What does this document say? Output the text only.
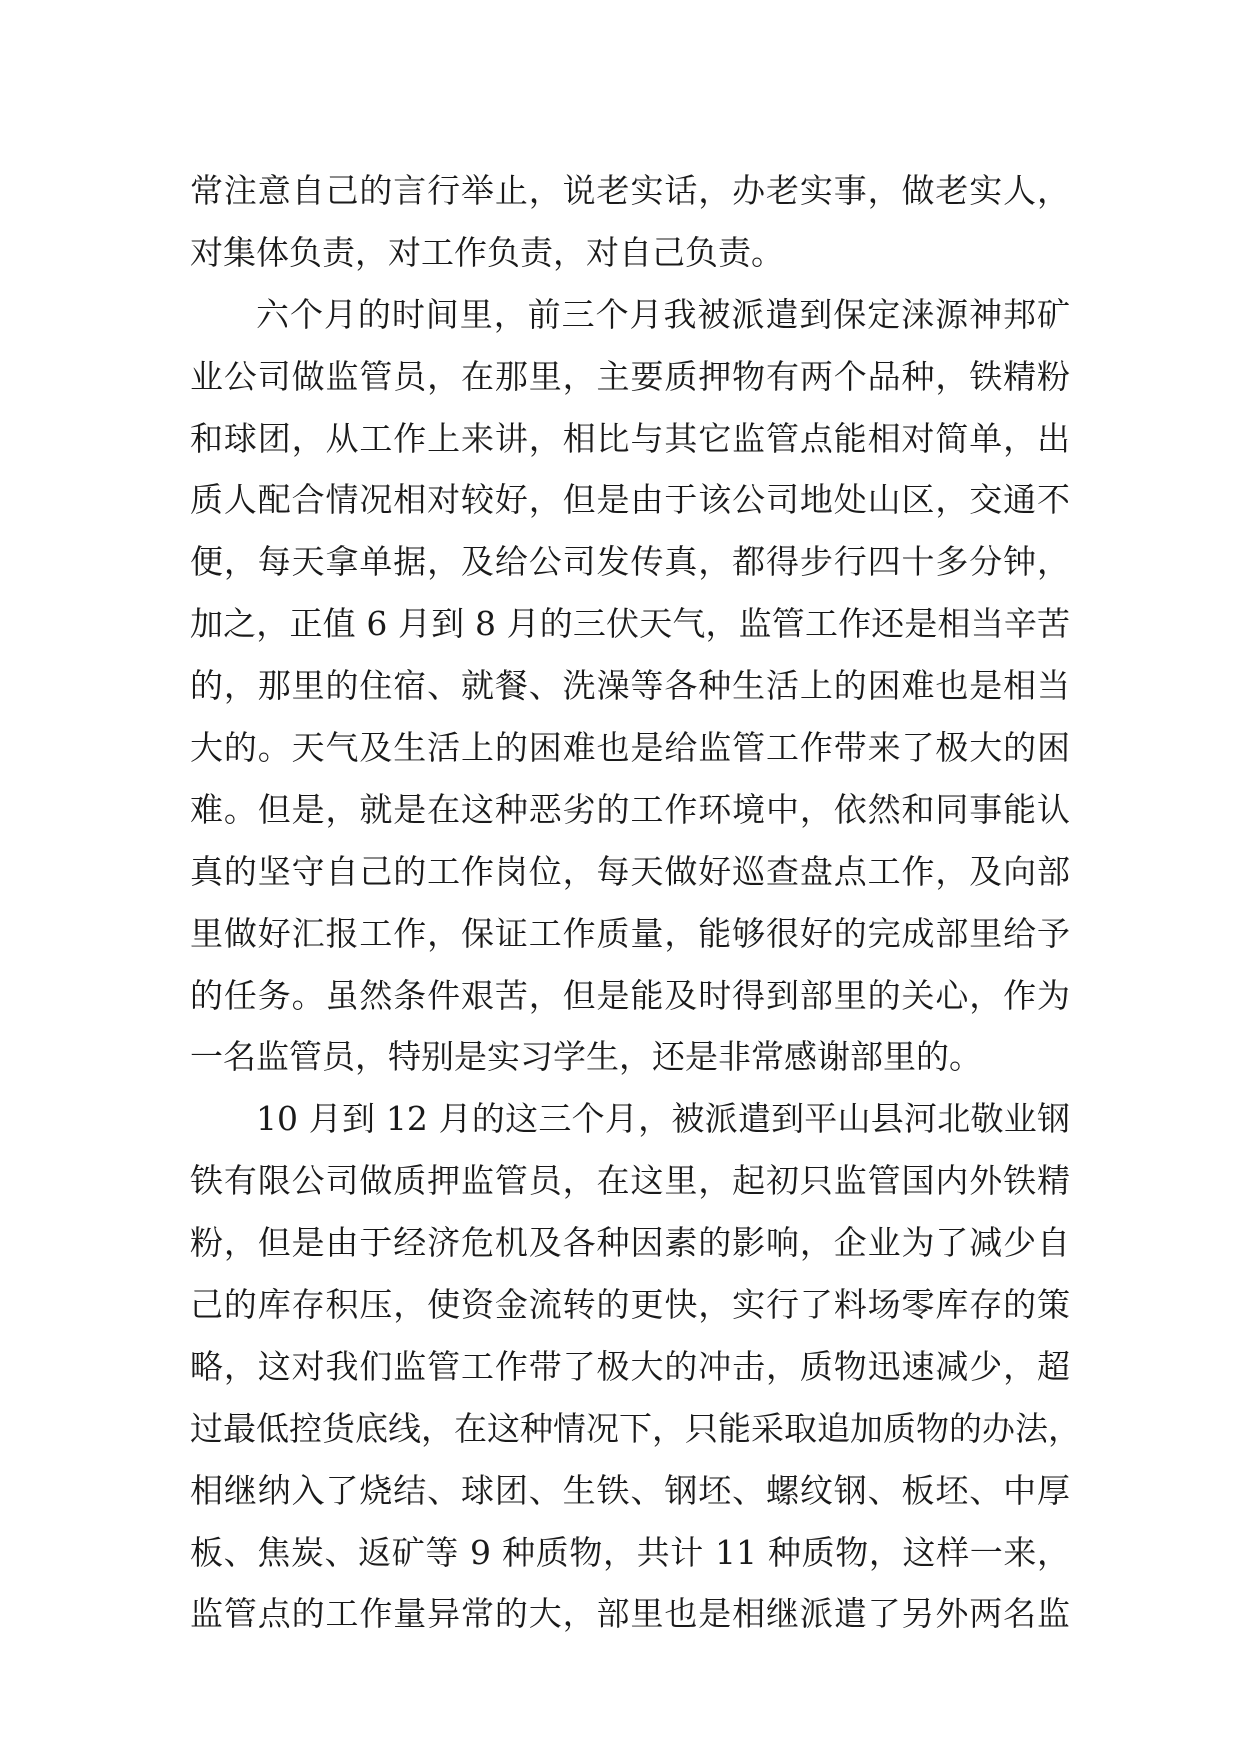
常注意自己的言行举止，说老实话，办老实事，做老实人，
对集体负责，对工作负责，对自己负责。
六个月的时间里，前三个月我被派遣到保定涞源神邦矿
业公司做监管员，在那里，主要质押物有两个品种，铁精粉
和球团，从工作上来讲，相比与其它监管点能相对简单，出
质人配合情况相对较好，但是由于该公司地处山区，交通不
便，每天拿单据，及给公司发传真，都得步行四十多分钟，
加之，正值 6 月到 8 月的三伏天气，监管工作还是相当辛苦
的，那里的住宿、就餐、洗澡等各种生活上的困难也是相当
大的。天气及生活上的困难也是给监管工作带来了极大的困
难。但是，就是在这种恶劣的工作环境中，依然和同事能认
真的坚守自己的工作岗位，每天做好巡查盘点工作，及向部
里做好汇报工作，保证工作质量，能够很好的完成部里给予
的任务。虽然条件艰苦，但是能及时得到部里的关心，作为
一名监管员，特别是实习学生，还是非常感谢部里的。
10 月到 12 月的这三个月，被派遣到平山县河北敬业钢
铁有限公司做质押监管员，在这里，起初只监管国内外铁精
粉，但是由于经济危机及各种因素的影响，企业为了减少自
己的库存积压，使资金流转的更快，实行了料场零库存的策
略，这对我们监管工作带了极大的冲击，质物迅速减少，超
过最低控货底线，在这种情况下，只能采取追加质物的办法，
相继纳入了烧结、球团、生铁、钢坯、螺纹钢、板坯、中厚
板、焦炭、返矿等 9 种质物，共计 11 种质物，这样一来，
监管点的工作量异常的大，部里也是相继派遣了另外两名监
